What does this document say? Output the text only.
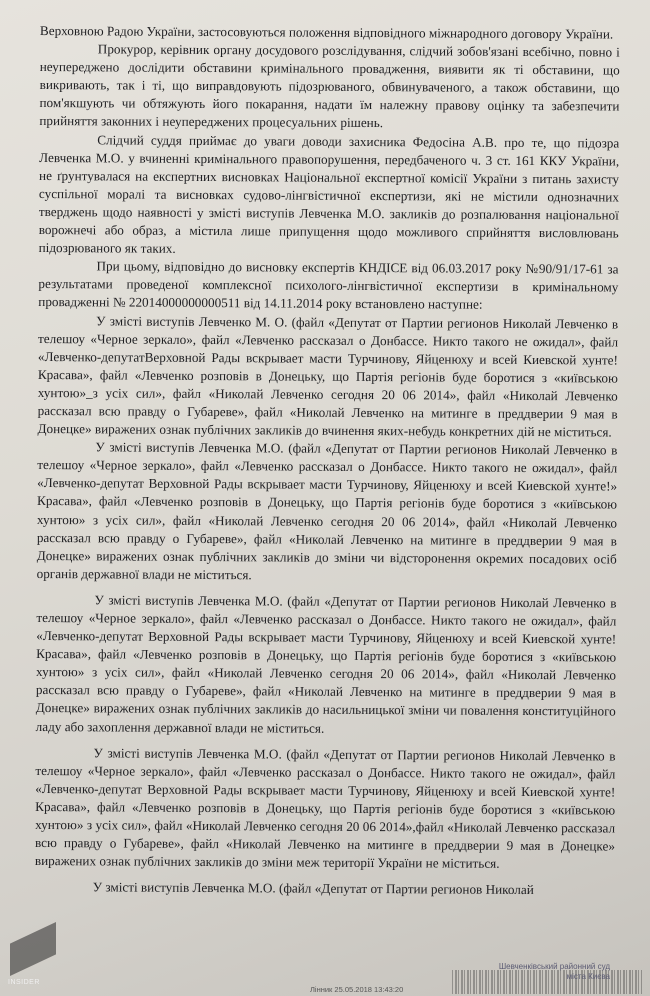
Верховною Радою України, застосовуються положення відповідного міжнародного договору України.

Прокурор, керівник органу досудового розслідування, слідчий зобов'язані всебічно, повно і неупереджено дослідити обставини кримінального провадження, виявити як ті обставини, що викривають, так і ті, що виправдовують підозрюваного, обвинуваченого, а також обставини, що пом'якшують чи обтяжують його покарання, надати їм належну правову оцінку та забезпечити прийняття законних і неупереджених процесуальних рішень.

Слідчий суддя приймає до уваги доводи захисника Федосіна А.В. про те, що підозра Левченка М.О. у вчиненні кримінального правопорушення, передбаченого ч. 3 ст. 161 ККУ України, не ґрунтувалася на експертних висновках Національної експертної комісії України з питань захисту суспільної моралі та висновках судово-лінгвістичної експертизи, які не містили однозначних тверджень щодо наявності у змісті виступів Левченка М.О. закликів до розпалювання національної ворожнечі або образ, а містила лише припущення щодо можливого сприйняття висловлювань підозрюваного як таких.

При цьому, відповідно до висновку експертів КНДІСЕ від 06.03.2017 року №90/91/17-61 за результатами проведеної комплексної психолого-лінгвістичної експертизи в кримінальному провадженні № 22014000000000511 від 14.11.2014 року встановлено наступне:

У змісті виступів Левченко М. О. (файл «Депутат от Партии регионов Николай Левченко в телешоу «Черное зеркало», файл «Левченко рассказал о Донбассе. Никто такого не ожидал», файл «Левченко-депутатВерховной Рады вскрывает масти Турчинову, Яйценюху и всей Киевской хунте! Красава», файл «Левченко розповів в Донецьку, що Партія регіонів буде боротися з «київською хунтою»_з усіх сил», файл «Николай Левченко сегодня 20 06 2014», файл «Николай Левченко рассказал всю правду о Губареве», файл «Николай Левченко на митинге в преддверии 9 мая в Донецке» виражених ознак публічних закликів до вчинення яких-небудь конкретних дій не міститься.

У змісті виступів Левченка М.О. (файл «Депутат от Партии регионов Николай Левченко в телешоу «Черное зеркало», файл «Левченко рассказал о Донбассе. Никто такого не ожидал», файл «Левченко-депутат Верховной Рады вскрывает масти Турчинову, Яйценюху и всей Киевской хунте!» Красава», файл «Левченко розповів в Донецьку, що Партія регіонів буде боротися з «київською хунтою» з усіх сил», файл «Николай Левченко сегодня 20 06 2014», файл «Николай Левченко рассказал всю правду о Губареве», файл «Николай Левченко на митинге в преддверии 9 мая в Донецке» виражених ознак публічних закликів до зміни чи відсторонення окремих посадових осіб органів державної влади не міститься.

У змісті виступів Левченка М.О. (файл «Депутат от Партии регионов Николай Левченко в телешоу «Черное зеркало», файл «Левченко рассказал о Донбассе. Никто такого не ожидал», файл «Левченко-депутат Верховной Рады вскрывает масти Турчинову, Яйценюху и всей Киевской хунте! Красава», файл «Левченко розповів в Донецьку, що Партія регіонів буде боротися з «київською хунтою» з усіх сил», файл «Николай Левченко сегодня 20 06 2014», файл «Николай Левченко рассказал всю правду о Губареве», файл «Николай Левченко на митинге в преддверии 9 мая в Донецке» виражених ознак публічних закликів до насильницької зміни чи повалення конституційного ладу або захоплення державної влади не міститься.

У змісті виступів Левченка М.О. (файл «Депутат от Партии регионов Николай Левченко в телешоу «Черное зеркало», файл «Левченко рассказал о Донбассе. Никто такого не ожидал», файл «Левченко-депутат Верховной Рады вскрывает масти Турчинову, Яйценюху и всей Киевской хунте! Красава», файл «Левченко розповів в Донецьку, що Партія регіонів буде боротися з «київською хунтою» з усіх сил», файл «Николай Левченко сегодня 20 06 2014»,файл «Николай Левченко рассказал всю правду о Губареве», файл «Николай Левченко на митинге в преддверии 9 мая в Донецке» виражених ознак публічних закликів до зміни меж території України не міститься.

У змісті виступів Левченка М.О. (файл «Депутат от Партии регионов Николай

INSIDER
Лінник 25.05.2018 13:43:20
Шевченківський районний суд
міста Києва
